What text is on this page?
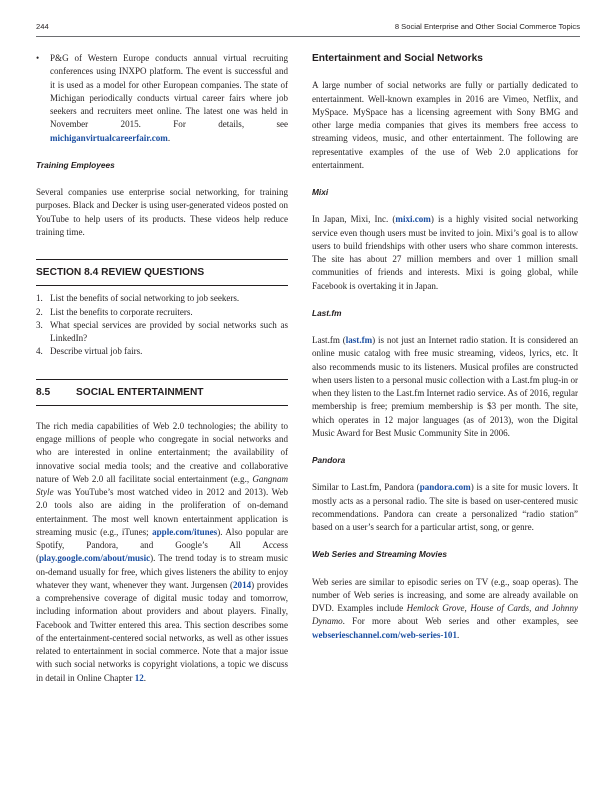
244	8 Social Enterprise and Other Social Commerce Topics

• P&G of Western Europe conducts annual virtual recruiting conferences using INXPO platform. The event is successful and it is used as a model for other European companies. The state of Michigan periodically conducts virtual career fairs where job seekers and recruiters meet online. The latest one was held in November 2015. For details, see michiganvirtualcareerfair.com.

Training Employees

Several companies use enterprise social networking, for training purposes. Black and Decker is using user-generated videos posted on YouTube to help users of its products. These videos help reduce training time.

SECTION 8.4 REVIEW QUESTIONS

1. List the benefits of social networking to job seekers.
2. List the benefits to corporate recruiters.
3. What special services are provided by social networks such as LinkedIn?
4. Describe virtual job fairs.

8.5	SOCIAL ENTERTAINMENT

The rich media capabilities of Web 2.0 technologies; the ability to engage millions of people who congregate in social networks and who are interested in online entertainment; the availability of innovative social media tools; and the creative and collaborative nature of Web 2.0 all facilitate social entertainment (e.g., Gangnam Style was YouTube’s most watched video in 2012 and 2013). Web 2.0 tools also are aiding in the proliferation of on-demand entertainment. The most well known entertainment application is streaming music (e.g., iTunes; apple.com/itunes). Also popular are Spotify, Pandora, and Google’s All Access (play.google.com/about/music). The trend today is to stream music on-demand usually for free, which gives listeners the ability to enjoy whatever they want, whenever they want. Jurgensen (2014) provides a comprehensive coverage of digital music today and tomorrow, including information about providers and about players. Finally, Facebook and Twitter entered this area. This section describes some of the entertainment-centered social networks, as well as other issues related to entertainment in social commerce. Note that a major issue with such social networks is copyright violations, a topic we discuss in detail in Online Chapter 12.

Entertainment and Social Networks

A large number of social networks are fully or partially dedicated to entertainment. Well-known examples in 2016 are Vimeo, Netflix, and MySpace. MySpace has a licensing agreement with Sony BMG and other large media companies that gives its members free access to streaming videos, music, and other entertainment. The following are representative examples of the use of Web 2.0 applications for entertainment.

Mixi

In Japan, Mixi, Inc. (mixi.com) is a highly visited social networking service even though users must be invited to join. Mixi’s goal is to allow users to build friendships with other users who share common interests. The site has about 27 million members and over 1 million small communities of friends and interests. Mixi is going global, while Facebook is overtaking it in Japan.

Last.fm

Last.fm (last.fm) is not just an Internet radio station. It is considered an online music catalog with free music streaming, videos, lyrics, etc. It also recommends music to its listeners. Musical profiles are constructed when users listen to a personal music collection with a Last.fm plug-in or when they listen to the Last.fm Internet radio service. As of 2016, regular membership is free; premium membership is $3 per month. The site, which operates in 12 major languages (as of 2013), won the Digital Music Award for Best Music Community Site in 2006.

Pandora

Similar to Last.fm, Pandora (pandora.com) is a site for music lovers. It mostly acts as a personal radio. The site is based on user-centered music recommendations. Pandora can create a personalized “radio station” based on a user’s search for a particular artist, song, or genre.

Web Series and Streaming Movies

Web series are similar to episodic series on TV (e.g., soap operas). The number of Web series is increasing, and some are already available on DVD. Examples include Hemlock Grove, House of Cards, and Johnny Dynamo. For more about Web series and other examples, see webserieschannel.com/web-series-101.
